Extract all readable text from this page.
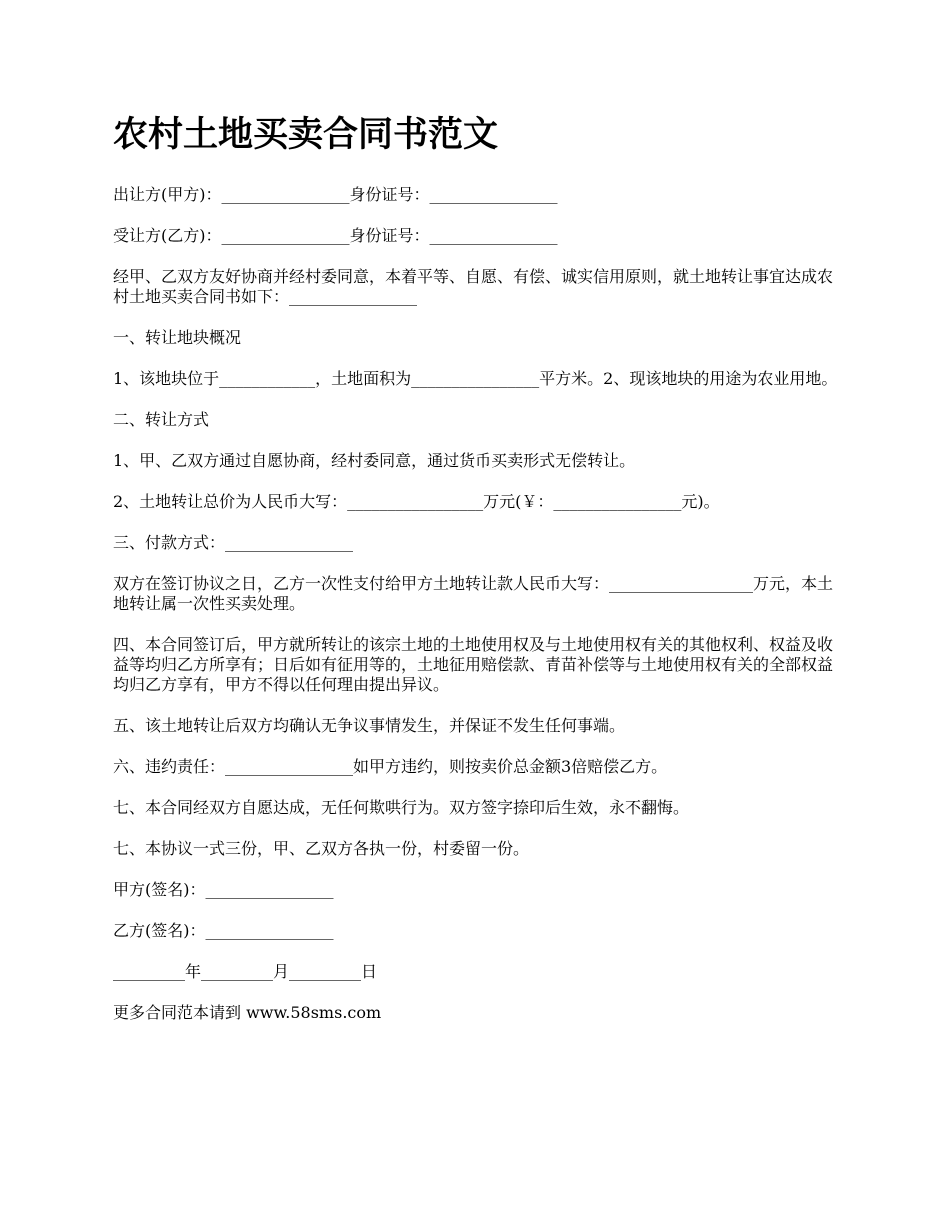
农村土地买卖合同书范文

出让方(甲方)：________________身份证号：________________

受让方(乙方)：________________身份证号：________________

经甲、乙双方友好协商并经村委同意，本着平等、自愿、有偿、诚实信用原则，就土地转让事宜达成农村土地买卖合同书如下：________________

一、转让地块概况

1、该地块位于____________，土地面积为________________平方米。2、现该地块的用途为农业用地。

二、转让方式

1、甲、乙双方通过自愿协商，经村委同意，通过货币买卖形式无偿转让。

2、土地转让总价为人民币大写：_________________万元(￥：________________元)。

三、付款方式：________________

双方在签订协议之日，乙方一次性支付给甲方土地转让款人民币大写：__________________万元，本土地转让属一次性买卖处理。

四、本合同签订后，甲方就所转让的该宗土地的土地使用权及与土地使用权有关的其他权利、权益及收益等均归乙方所享有；日后如有征用等的，土地征用赔偿款、青苗补偿等与土地使用权有关的全部权益均归乙方享有，甲方不得以任何理由提出异议。

五、该土地转让后双方均确认无争议事情发生，并保证不发生任何事端。

六、违约责任：________________如甲方违约，则按卖价总金额3倍赔偿乙方。

七、本合同经双方自愿达成，无任何欺哄行为。双方签字捺印后生效，永不翻悔。

七、本协议一式三份，甲、乙双方各执一份，村委留一份。

甲方(签名)：________________

乙方(签名)：________________

_________年_________月_________日

更多合同范本请到 www.58sms.com
